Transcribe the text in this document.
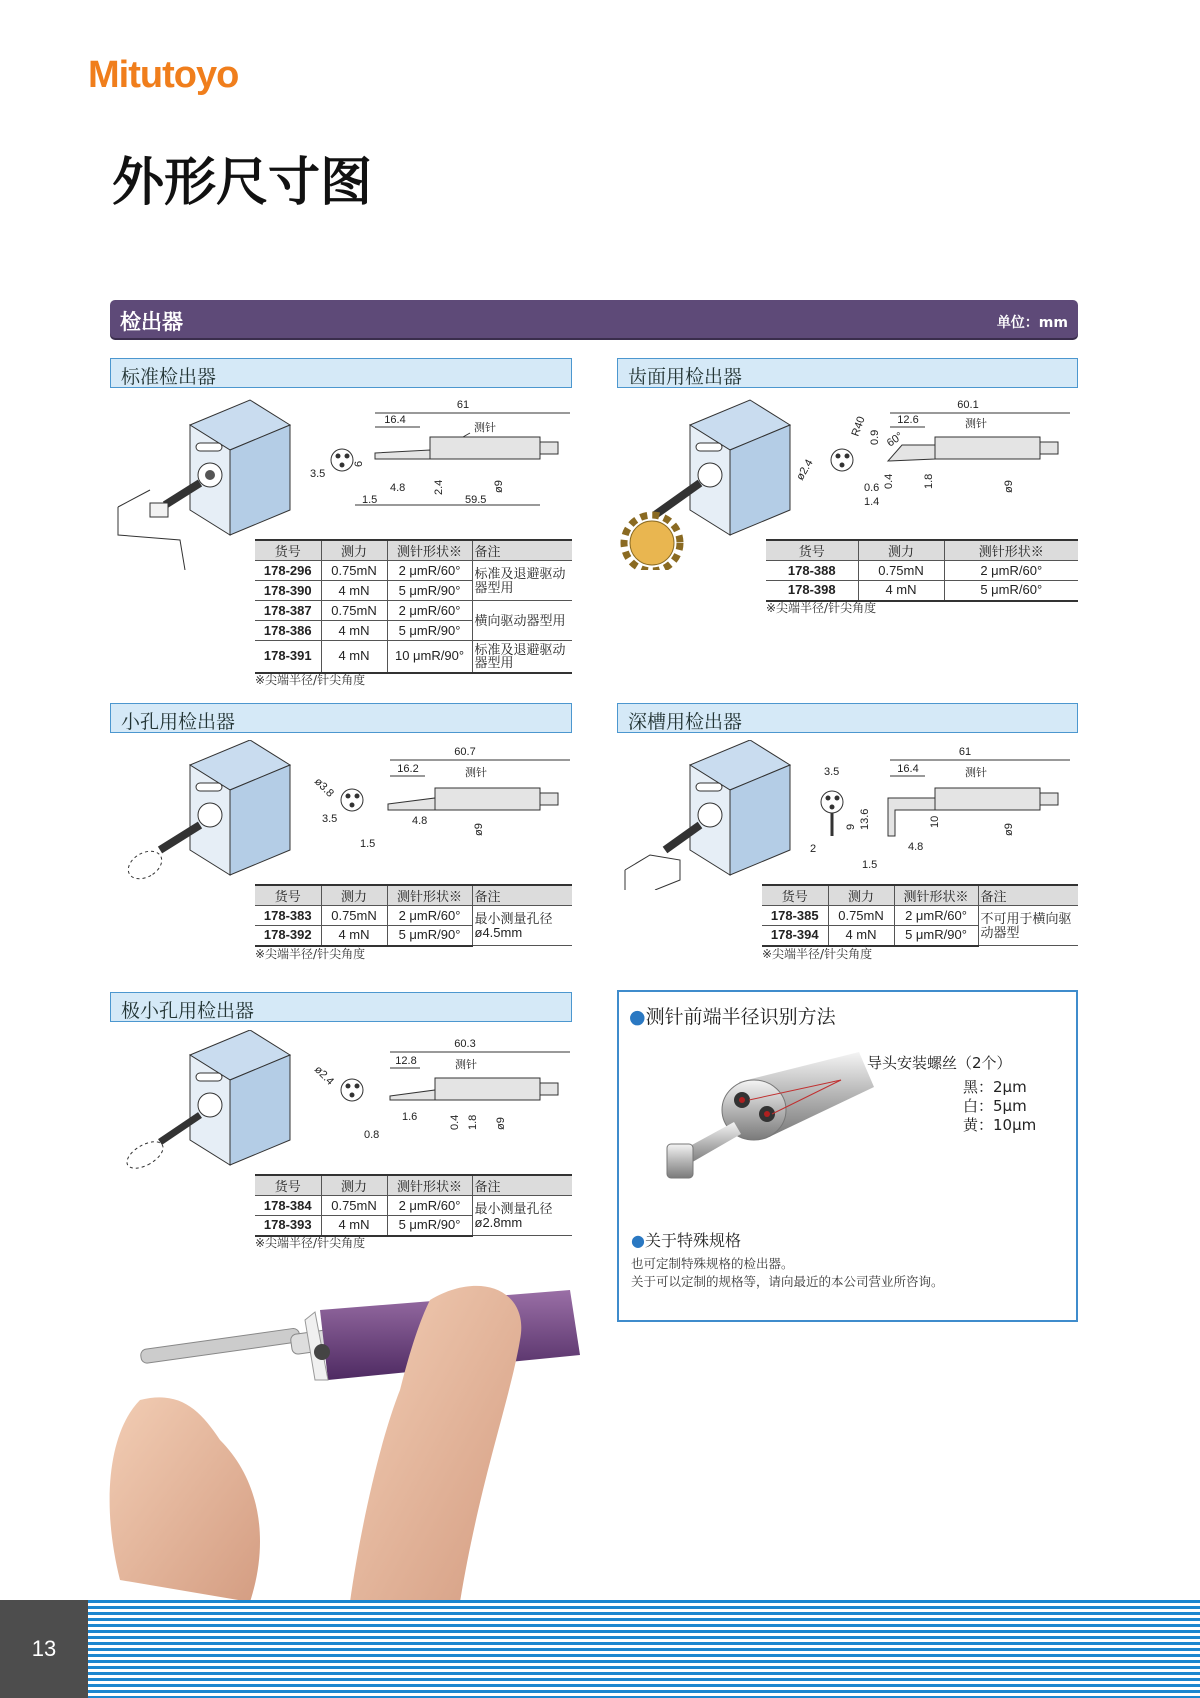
Mitutoyo
外形尺寸图
检出器	单位：mm
标准检出器
61
16.4
测针
3.5
6
4.8	2.4	ø9
1.5	59.5
货号	测力	测针形状※	备注
178-296	0.75mN	2 μmR/60°	标准及退避驱动器型用
178-390	4 mN	5 μmR/90°	
178-387	0.75mN	2 μmR/60°	横向驱动器型用
178-386	4 mN	5 μmR/90°	
178-391	4 mN	10 μmR/90°	标准及退避驱动器型用
※尖端半径/针尖角度
齿面用检出器
ø2.4
60.1
12.6	测针
R40 0.9 60°
0.4	1.8	ø9
0.6
1.4
货号	测力	测针形状※
178-388	0.75mN	2 μmR/60°
178-398	4 mN	5 μmR/60°
※尖端半径/针尖角度
小孔用检出器
ø3.8
60.7
16.2	测针
3.5	4.8
1.5
ø9
货号	测力	测针形状※	备注
178-383	0.75mN	2 μmR/60°	最小测量孔径ø4.5mm
178-392	4 mN	5 μmR/90°	
※尖端半径/针尖角度
深槽用检出器
3.5
9 13.6
2
61
16.4	测针
10
4.8
1.5
ø9
货号	测力	测针形状※	备注
178-385	0.75mN	2 μmR/60°	不可用于横向驱动器型
178-394	4 mN	5 μmR/90°	
※尖端半径/针尖角度
极小孔用检出器
ø2.4
60.3
12.8	测针
1.6
0.8
0.4 1.8 ø9
货号	测力	测针形状※	备注
178-384	0.75mN	2 μmR/60°	最小测量孔径ø2.8mm
178-393	4 mN	5 μmR/90°	
※尖端半径/针尖角度
●测针前端半径识别方法
导头安装螺丝（2个）
黑：2μm
白：5μm
黄：10μm
●关于特殊规格
也可定制特殊规格的检出器。
关于可以定制的规格等，请向最近的本公司营业所咨询。
13
